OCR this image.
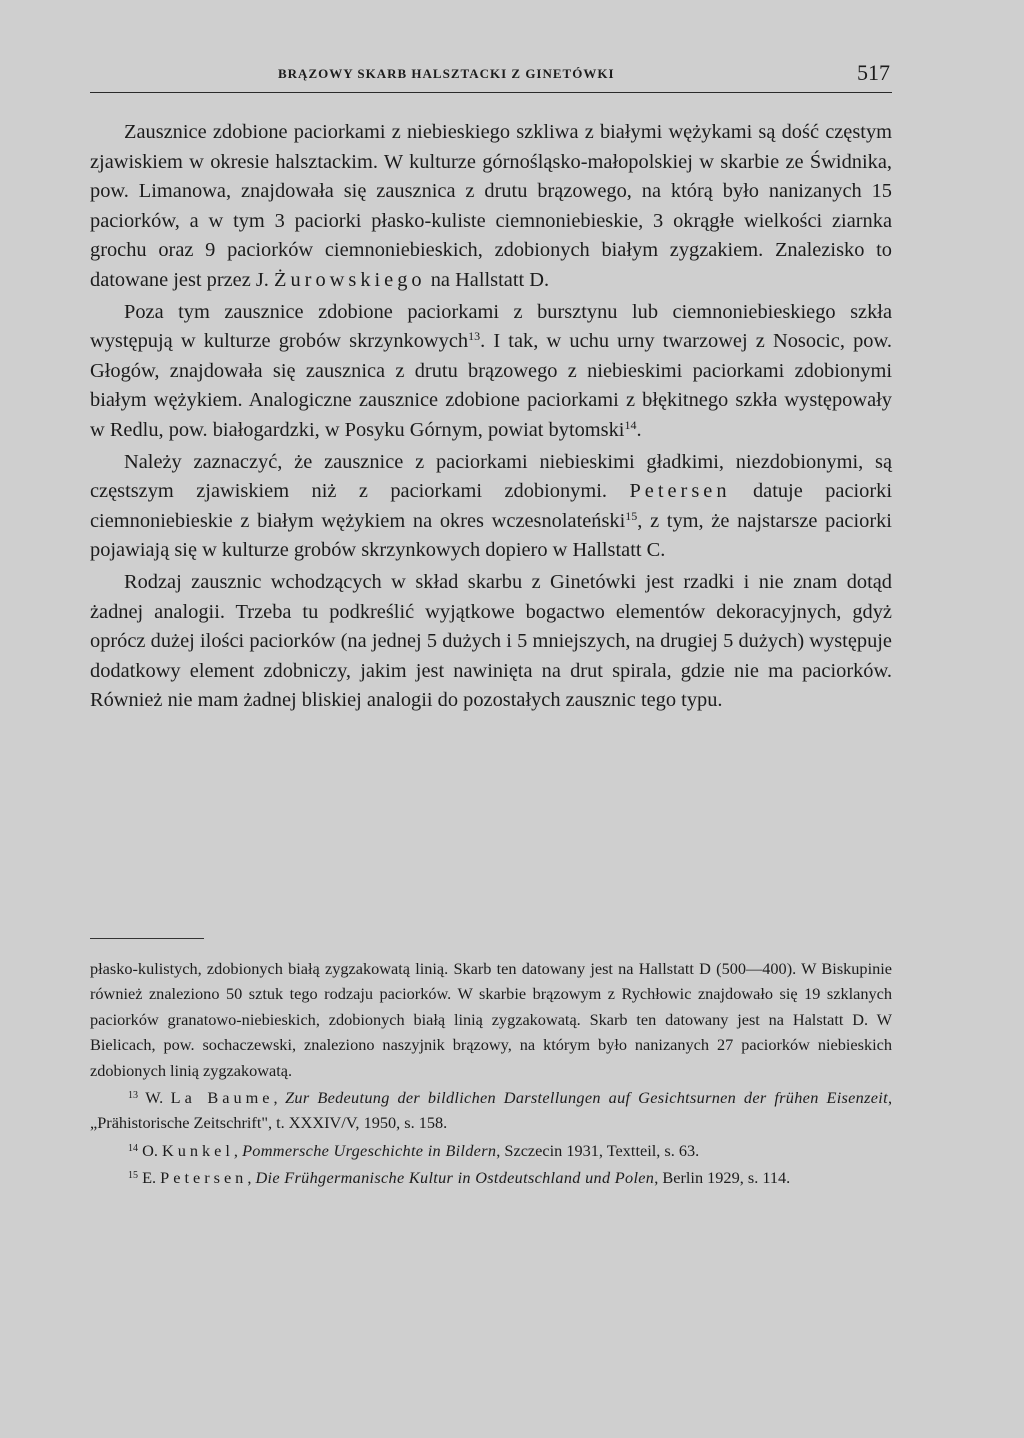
BRĄZOWY SKARB HALSZTACKI Z GINETÓWKI	517

Zausznice zdobione paciorkami z niebieskiego szkliwa z białymi wężykami są dość częstym zjawiskiem w okresie halsztackim. W kulturze górnośląsko-małopolskiej w skarbie ze Świdnika, pow. Limanowa, znajdowała się zausznica z drutu brązowego, na którą było nanizanych 15 paciorków, a w tym 3 paciorki płasko-kuliste ciemnoniebieskie, 3 okrągłe wielkości ziarnka grochu oraz 9 paciorków ciemnoniebieskich, zdobionych białym zygzakiem. Znalezisko to datowane jest przez J. Żurowskiego na Hallstatt D.

Poza tym zausznice zdobione paciorkami z bursztynu lub ciemnoniebieskiego szkła występują w kulturze grobów skrzynkowych$^{13}$. I tak, w uchu urny twarzowej z Nosocic, pow. Głogów, znajdowała się zausznica z drutu brązowego z niebieskimi paciorkami zdobionymi białym wężykiem. Analogiczne zausznice zdobione paciorkami z błękitnego szkła występowały w Redlu, pow. białogardzki, w Posyku Górnym, powiat bytomski$^{14}$.

Należy zaznaczyć, że zausznice z paciorkami niebieskimi gładkimi, niezdobionymi, są częstszym zjawiskiem niż z paciorkami zdobionymi. Petersen datuje paciorki ciemnoniebieskie z białym wężykiem na okres wczesnolateński$^{15}$, z tym, że najstarsze paciorki pojawiają się w kulturze grobów skrzynkowych dopiero w Hallstatt C.

Rodzaj zausznic wchodzących w skład skarbu z Ginetówki jest rzadki i nie znam dotąd żadnej analogii. Trzeba tu podkreślić wyjątkowe bogactwo elementów dekoracyjnych, gdyż oprócz dużej ilości paciorków (na jednej 5 dużych i 5 mniejszych, na drugiej 5 dużych) występuje dodatkowy element zdobniczy, jakim jest nawinięta na drut spirala, gdzie nie ma paciorków. Również nie mam żadnej bliskiej analogii do pozostałych zausznic tego typu.

płasko-kulistych, zdobionych białą zygzakowatą linią. Skarb ten datowany jest na Hallstatt D (500—400). W Biskupinie również znaleziono 50 sztuk tego rodzaju paciorków. W skarbie brązowym z Rychłowic znajdowało się 19 szklanych paciorków granatowo-niebieskich, zdobionych białą linią zygzakowatą. Skarb ten datowany jest na Halstatt D. W Bielicach, pow. sochaczewski, znaleziono naszyjnik brązowy, na którym było nanizanych 27 paciorków niebieskich zdobionych linią zygzakowatą.

$^{13}$ W. La Baume, Zur Bedeutung der bildlichen Darstellungen auf Gesichtsurnen der frühen Eisenzeit, „Prähistorische Zeitschrift", t. XXXIV/V, 1950, s. 158.

$^{14}$ O. Kunkel, Pommersche Urgeschichte in Bildern, Szczecin 1931, Textteil, s. 63.

$^{15}$ E. Petersen, Die Frühgermanische Kultur in Ostdeutschland und Polen, Berlin 1929, s. 114.
